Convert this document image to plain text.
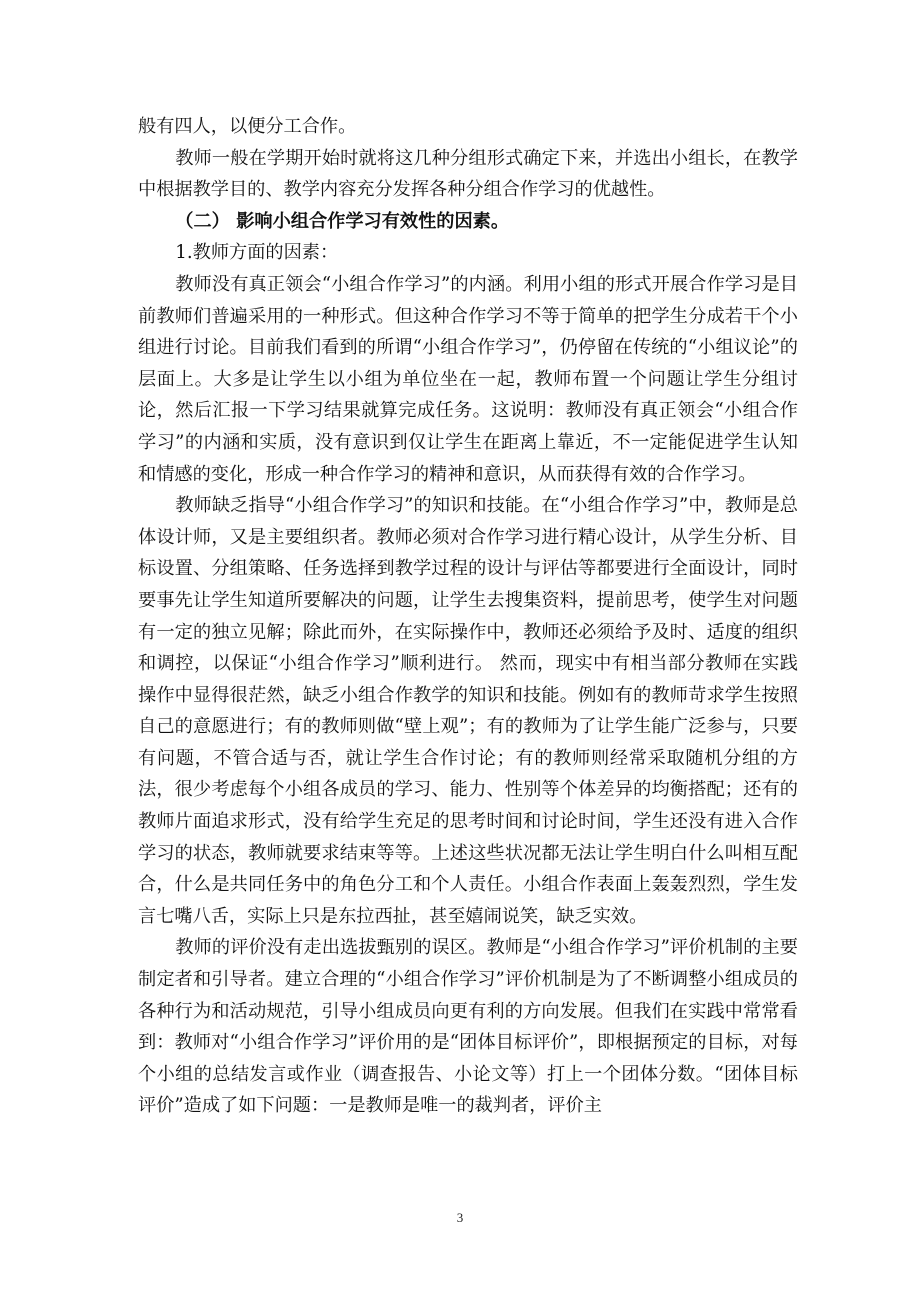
般有四人，以便分工合作。

教师一般在学期开始时就将这几种分组形式确定下来，并选出小组长，在教学中根据教学目的、教学内容充分发挥各种分组合作学习的优越性。

（二） 影响小组合作学习有效性的因素。

1.教师方面的因素：

教师没有真正领会“小组合作学习”的内涵。利用小组的形式开展合作学习是目前教师们普遍采用的一种形式。但这种合作学习不等于简单的把学生分成若干个小组进行讨论。目前我们看到的所谓“小组合作学习”，仍停留在传统的“小组议论”的层面上。大多是让学生以小组为单位坐在一起，教师布置一个问题让学生分组讨论，然后汇报一下学习结果就算完成任务。这说明：教师没有真正领会“小组合作学习”的内涵和实质，没有意识到仅让学生在距离上靠近，不一定能促进学生认知和情感的变化，形成一种合作学习的精神和意识，从而获得有效的合作学习。

教师缺乏指导“小组合作学习”的知识和技能。在“小组合作学习”中，教师是总体设计师，又是主要组织者。教师必须对合作学习进行精心设计，从学生分析、目标设置、分组策略、任务选择到教学过程的设计与评估等都要进行全面设计，同时要事先让学生知道所要解决的问题，让学生去搜集资料，提前思考，使学生对问题有一定的独立见解；除此而外，在实际操作中，教师还必须给予及时、适度的组织和调控，以保证“小组合作学习”顺利进行。 然而，现实中有相当部分教师在实践操作中显得很茫然，缺乏小组合作教学的知识和技能。例如有的教师苛求学生按照自己的意愿进行；有的教师则做“壁上观”；有的教师为了让学生能广泛参与，只要有问题，不管合适与否，就让学生合作讨论；有的教师则经常采取随机分组的方法，很少考虑每个小组各成员的学习、能力、性别等个体差异的均衡搭配；还有的教师片面追求形式，没有给学生充足的思考时间和讨论时间，学生还没有进入合作学习的状态，教师就要求结束等等。上述这些状况都无法让学生明白什么叫相互配合，什么是共同任务中的角色分工和个人责任。小组合作表面上轰轰烈烈，学生发言七嘴八舌，实际上只是东拉西扯，甚至嬉闹说笑，缺乏实效。

教师的评价没有走出选拔甄别的误区。教师是“小组合作学习”评价机制的主要制定者和引导者。建立合理的“小组合作学习”评价机制是为了不断调整小组成员的各种行为和活动规范，引导小组成员向更有利的方向发展。但我们在实践中常常看到：教师对“小组合作学习”评价用的是“团体目标评价”，即根据预定的目标，对每个小组的总结发言或作业（调查报告、小论文等）打上一个团体分数。“团体目标评价”造成了如下问题：一是教师是唯一的裁判者，评价主

3
